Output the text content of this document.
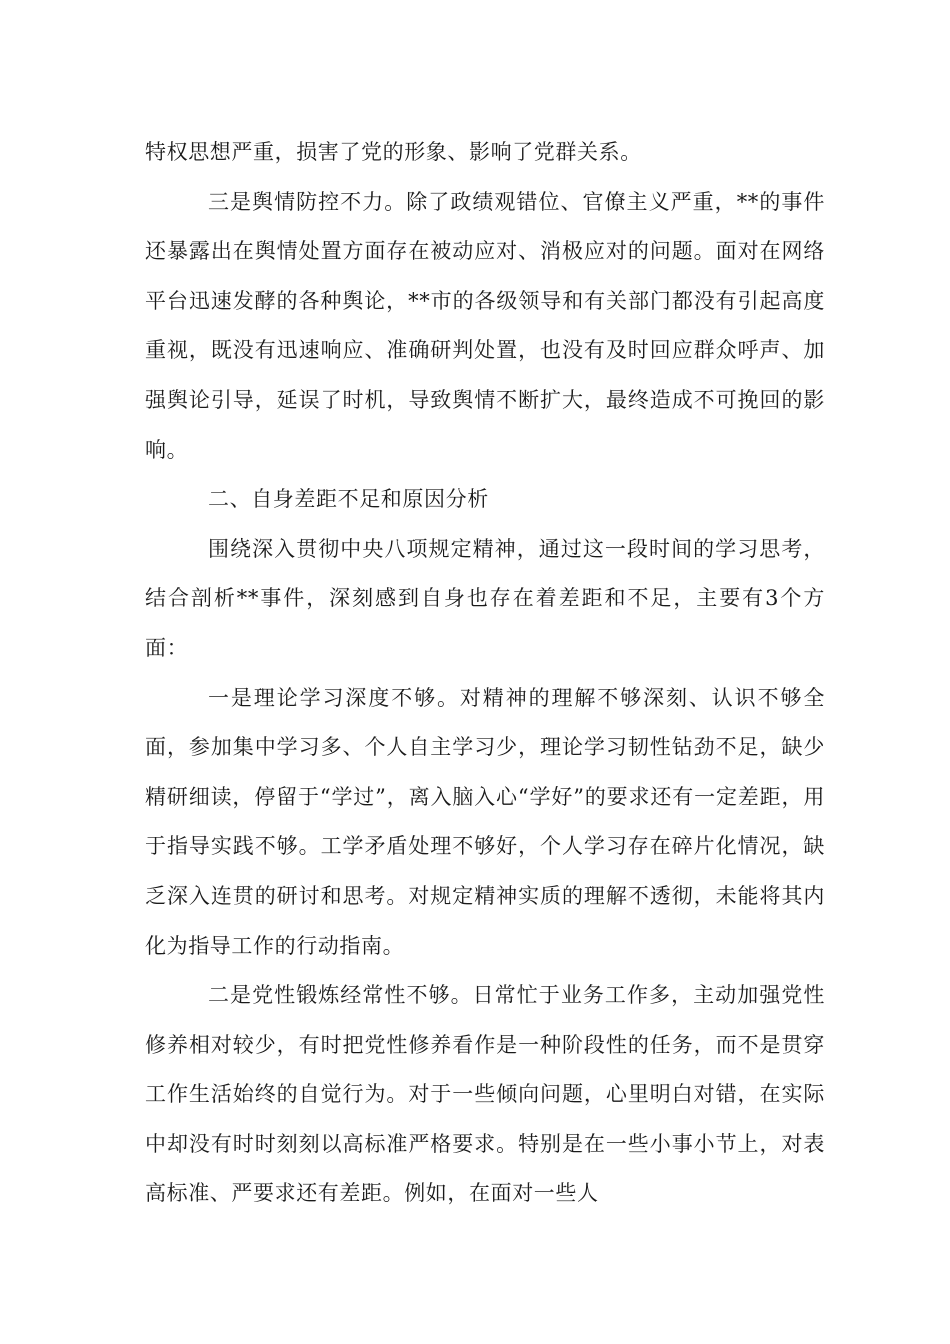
特权思想严重，损害了党的形象、影响了党群关系。

三是舆情防控不力。除了政绩观错位、官僚主义严重，**的事件还暴露出在舆情处置方面存在被动应对、消极应对的问题。面对在网络平台迅速发酵的各种舆论，**市的各级领导和有关部门都没有引起高度重视，既没有迅速响应、准确研判处置，也没有及时回应群众呼声、加强舆论引导，延误了时机，导致舆情不断扩大，最终造成不可挽回的影响。

二、自身差距不足和原因分析

围绕深入贯彻中央八项规定精神，通过这一段时间的学习思考，结合剖析**事件，深刻感到自身也存在着差距和不足，主要有3个方面：

一是理论学习深度不够。对精神的理解不够深刻、认识不够全面，参加集中学习多、个人自主学习少，理论学习韧性钻劲不足，缺少精研细读，停留于“学过”，离入脑入心“学好”的要求还有一定差距，用于指导实践不够。工学矛盾处理不够好，个人学习存在碎片化情况，缺乏深入连贯的研讨和思考。对规定精神实质的理解不透彻，未能将其内化为指导工作的行动指南。

二是党性锻炼经常性不够。日常忙于业务工作多，主动加强党性修养相对较少，有时把党性修养看作是一种阶段性的任务，而不是贯穿工作生活始终的自觉行为。对于一些倾向问题，心里明白对错，在实际中却没有时时刻刻以高标准严格要求。特别是在一些小事小节上，对表高标准、严要求还有差距。例如，在面对一些人
